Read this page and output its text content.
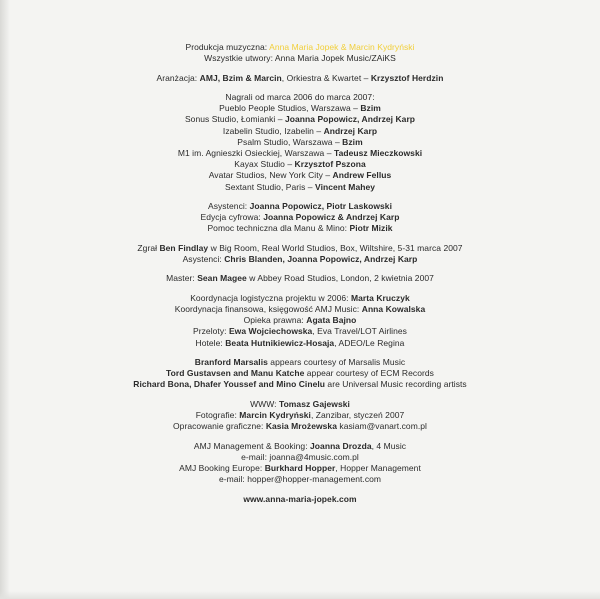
Produkcja muzyczna: Anna Maria Jopek & Marcin Kydryński

Wszystkie utwory: Anna Maria Jopek Music/ZAiKS

Aranżacja: AMJ, Bzim & Marcin, Orkiestra & Kwartet – Krzysztof Herdzin

Nagrali od marca 2006 do marca 2007:

Pueblo People Studios, Warszawa – Bzim

Sonus Studio, Łomianki – Joanna Popowicz, Andrzej Karp

Izabelin Studio, Izabelin – Andrzej Karp

Psalm Studio, Warszawa – Bzim

M1 im. Agnieszki Osieckiej, Warszawa – Tadeusz Mieczkowski

Kayax Studio – Krzysztof Pszona

Avatar Studios, New York City – Andrew Fellus

Sextant Studio, Paris – Vincent Mahey

Asystenci: Joanna Popowicz, Piotr Laskowski

Edycja cyfrowa: Joanna Popowicz & Andrzej Karp

Pomoc techniczna dla Manu & Mino: Piotr Mizik

Zgrał Ben Findlay w Big Room, Real World Studios, Box, Wiltshire, 5-31 marca 2007

Asystenci: Chris Blanden, Joanna Popowicz, Andrzej Karp

Master: Sean Magee w Abbey Road Studios, London, 2 kwietnia 2007

Koordynacja logistyczna projektu w 2006: Marta Kruczyk

Koordynacja finansowa, księgowość AMJ Music: Anna Kowalska

Opieka prawna: Agata Bajno

Przeloty: Ewa Wojciechowska, Eva Travel/LOT Airlines

Hotele: Beata Hutnikiewicz-Hosaja, ADEO/Le Regina

Branford Marsalis appears courtesy of Marsalis Music

Tord Gustavsen and Manu Katche appear courtesy of ECM Records

Richard Bona, Dhafer Youssef and Mino Cinelu are Universal Music recording artists

WWW: Tomasz Gajewski

Fotografie: Marcin Kydryński, Zanzibar, styczeń 2007

Opracowanie graficzne: Kasia Mrożewska kasiam@vanart.com.pl

AMJ Management & Booking: Joanna Drozda, 4 Music

e-mail: joanna@4music.com.pl

AMJ Booking Europe: Burkhard Hopper, Hopper Management

e-mail: hopper@hopper-management.com

www.anna-maria-jopek.com
